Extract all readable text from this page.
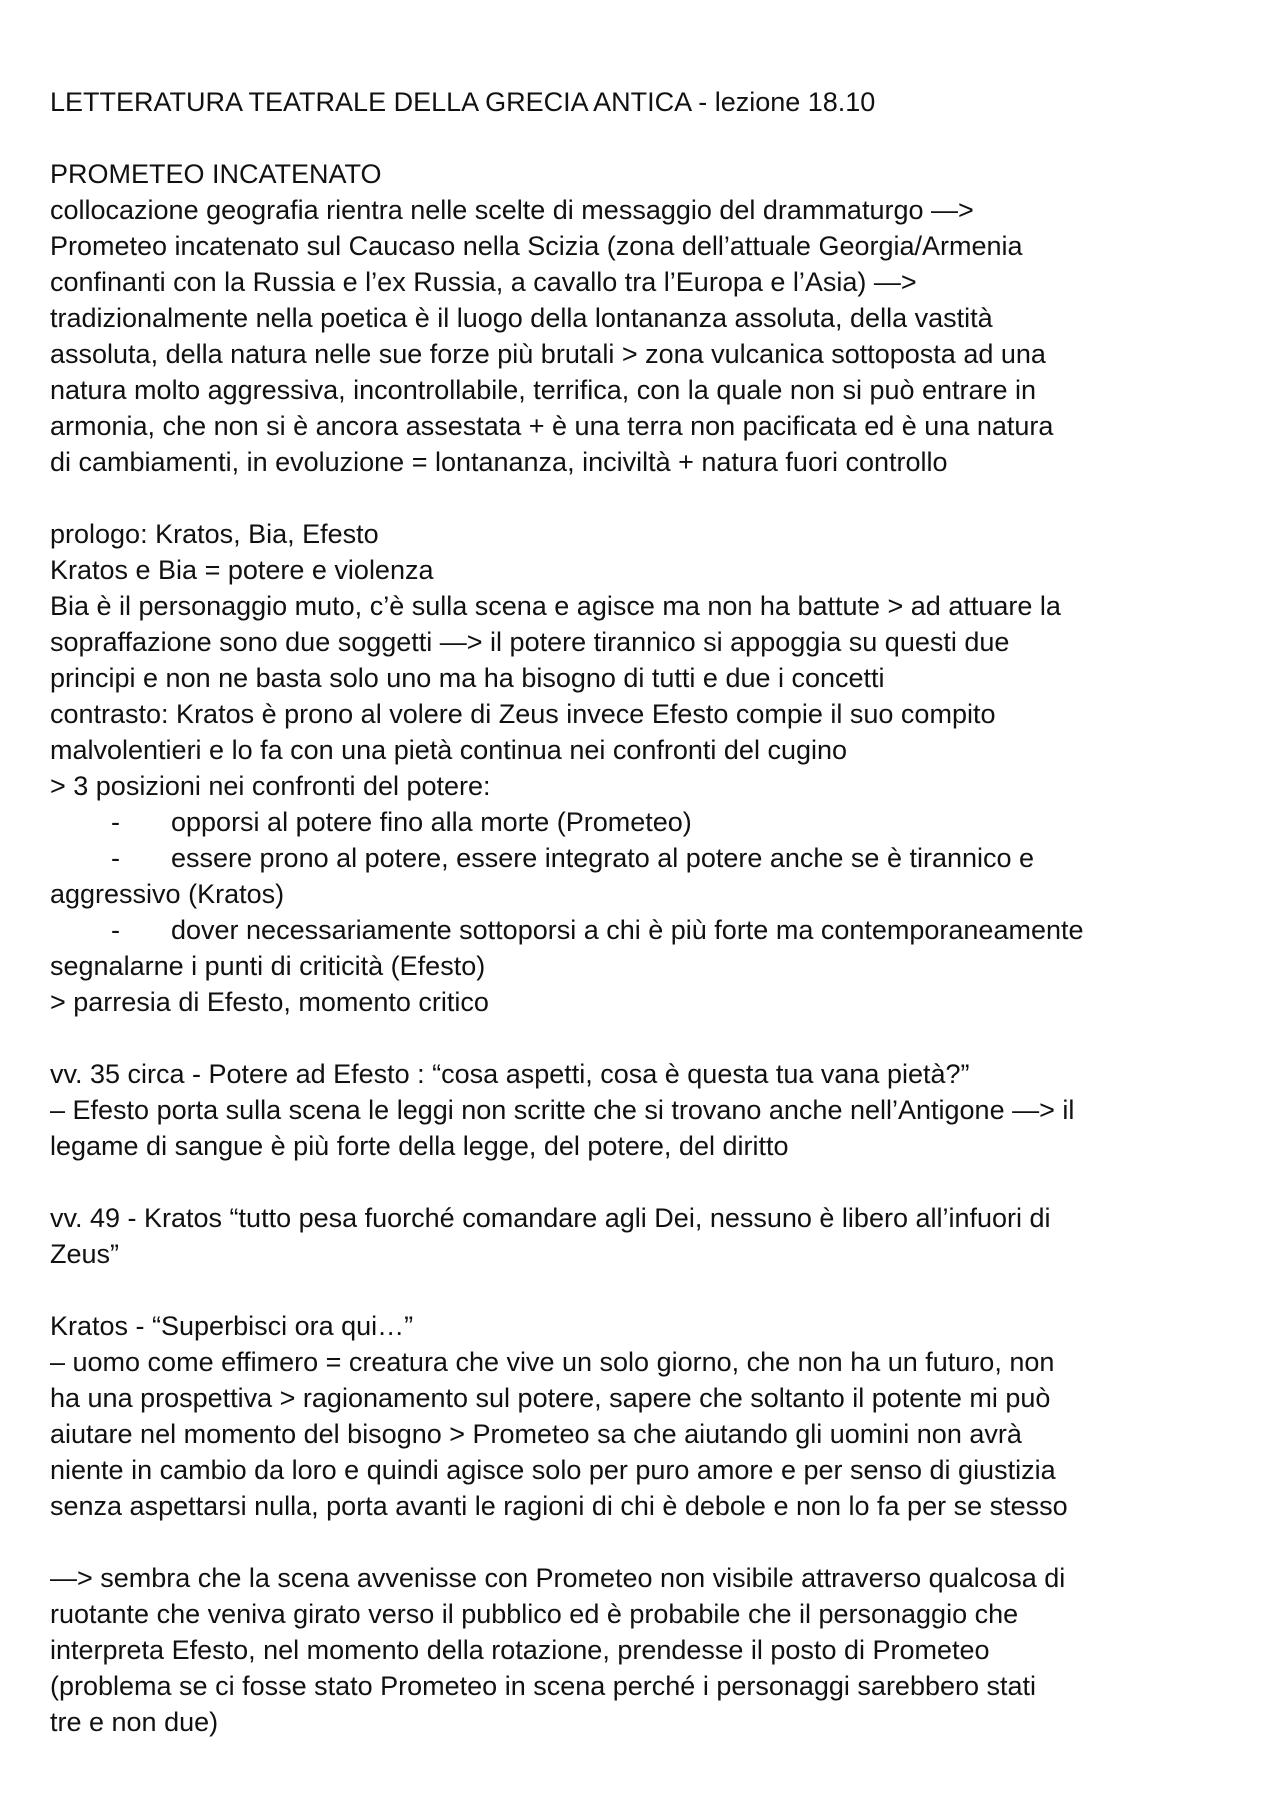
LETTERATURA TEATRALE DELLA GRECIA ANTICA - lezione 18.10
PROMETEO INCATENATO
collocazione geografia rientra nelle scelte di messaggio del drammaturgo —>
Prometeo incatenato sul Caucaso nella Scizia (zona dell’attuale Georgia/Armenia
confinanti con la Russia e l’ex Russia, a cavallo tra l’Europa e l’Asia) —>
tradizionalmente nella poetica è il luogo della lontananza assoluta, della vastità
assoluta, della natura nelle sue forze più brutali > zona vulcanica sottoposta ad una
natura molto aggressiva, incontrollabile, terrifica, con la quale non si può entrare in
armonia, che non si è ancora assestata + è una terra non pacificata ed è una natura
di cambiamenti, in evoluzione = lontananza, inciviltà + natura fuori controllo
prologo: Kratos, Bia, Efesto
Kratos e Bia = potere e violenza
Bia è il personaggio muto, c’è sulla scena e agisce ma non ha battute > ad attuare la
sopraffazione sono due soggetti —> il potere tirannico si appoggia su questi due
principi e non ne basta solo uno ma ha bisogno di tutti e due i concetti
contrasto: Kratos è prono al volere di Zeus invece Efesto compie il suo compito
malvolentieri e lo fa con una pietà continua nei confronti del cugino
> 3 posizioni nei confronti del potere:
- opporsi al potere fino alla morte (Prometeo)
- essere prono al potere, essere integrato al potere anche se è tirannico e
aggressivo (Kratos)
- dover necessariamente sottoporsi a chi è più forte ma contemporaneamente
segnalarne i punti di criticità (Efesto)
> parresia di Efesto, momento critico
vv. 35 circa - Potere ad Efesto : “cosa aspetti, cosa è questa tua vana pietà?”
– Efesto porta sulla scena le leggi non scritte che si trovano anche nell’Antigone —> il
legame di sangue è più forte della legge, del potere, del diritto
vv. 49 - Kratos “tutto pesa fuorché comandare agli Dei, nessuno è libero all’infuori di
Zeus”
Kratos - “Superbisci ora qui…”
– uomo come effimero = creatura che vive un solo giorno, che non ha un futuro, non
ha una prospettiva > ragionamento sul potere, sapere che soltanto il potente mi può
aiutare nel momento del bisogno > Prometeo sa che aiutando gli uomini non avrà
niente in cambio da loro e quindi agisce solo per puro amore e per senso di giustizia
senza aspettarsi nulla, porta avanti le ragioni di chi è debole e non lo fa per se stesso
—> sembra che la scena avvenisse con Prometeo non visibile attraverso qualcosa di
ruotante che veniva girato verso il pubblico ed è probabile che il personaggio che
interpreta Efesto, nel momento della rotazione, prendesse il posto di Prometeo
(problema se ci fosse stato Prometeo in scena perché i personaggi sarebbero stati
tre e non due)
